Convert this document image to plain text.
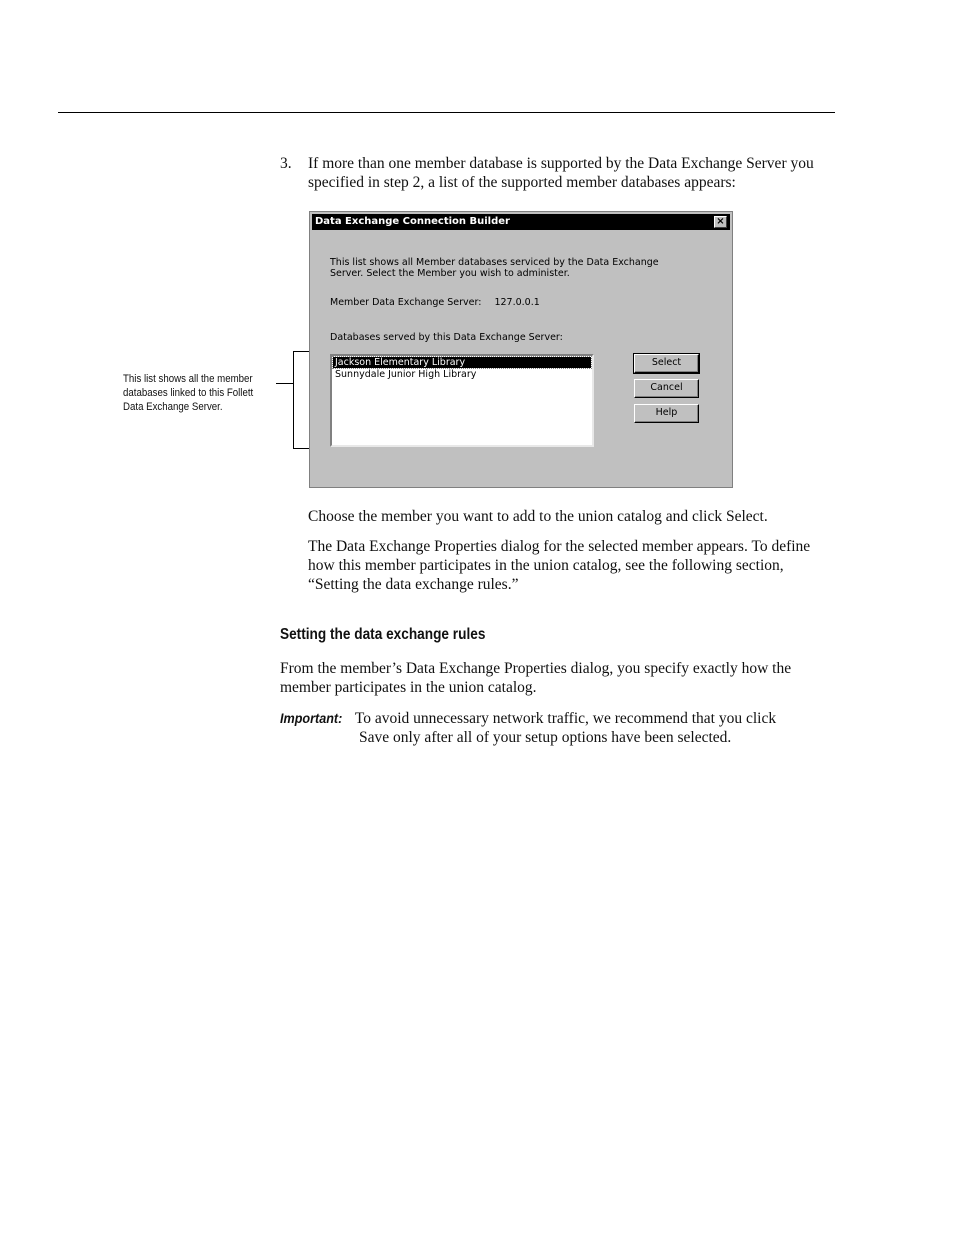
3. If more than one member database is supported by the Data Exchange Server you specified in step 2, a list of the supported member databases appears:
This list shows all the member
databases linked to this Follett
Data Exchange Server.
Data Exchange Connection Builder	×
This list shows all Member databases serviced by the Data Exchange
Server. Select the Member you wish to administer.
Member Data Exchange Server: 127.0.0.1
Databases served by this Data Exchange Server:
Jackson Elementary Library
Sunnydale Junior High Library
Select
Cancel
Help
Choose the member you want to add to the union catalog and click Select.
The Data Exchange Properties dialog for the selected member appears. To define how this member participates in the union catalog, see the following section, “Setting the data exchange rules.”
Setting the data exchange rules
From the member’s Data Exchange Properties dialog, you specify exactly how the member participates in the union catalog.
Important: To avoid unnecessary network traffic, we recommend that you click
Save only after all of your setup options have been selected.
